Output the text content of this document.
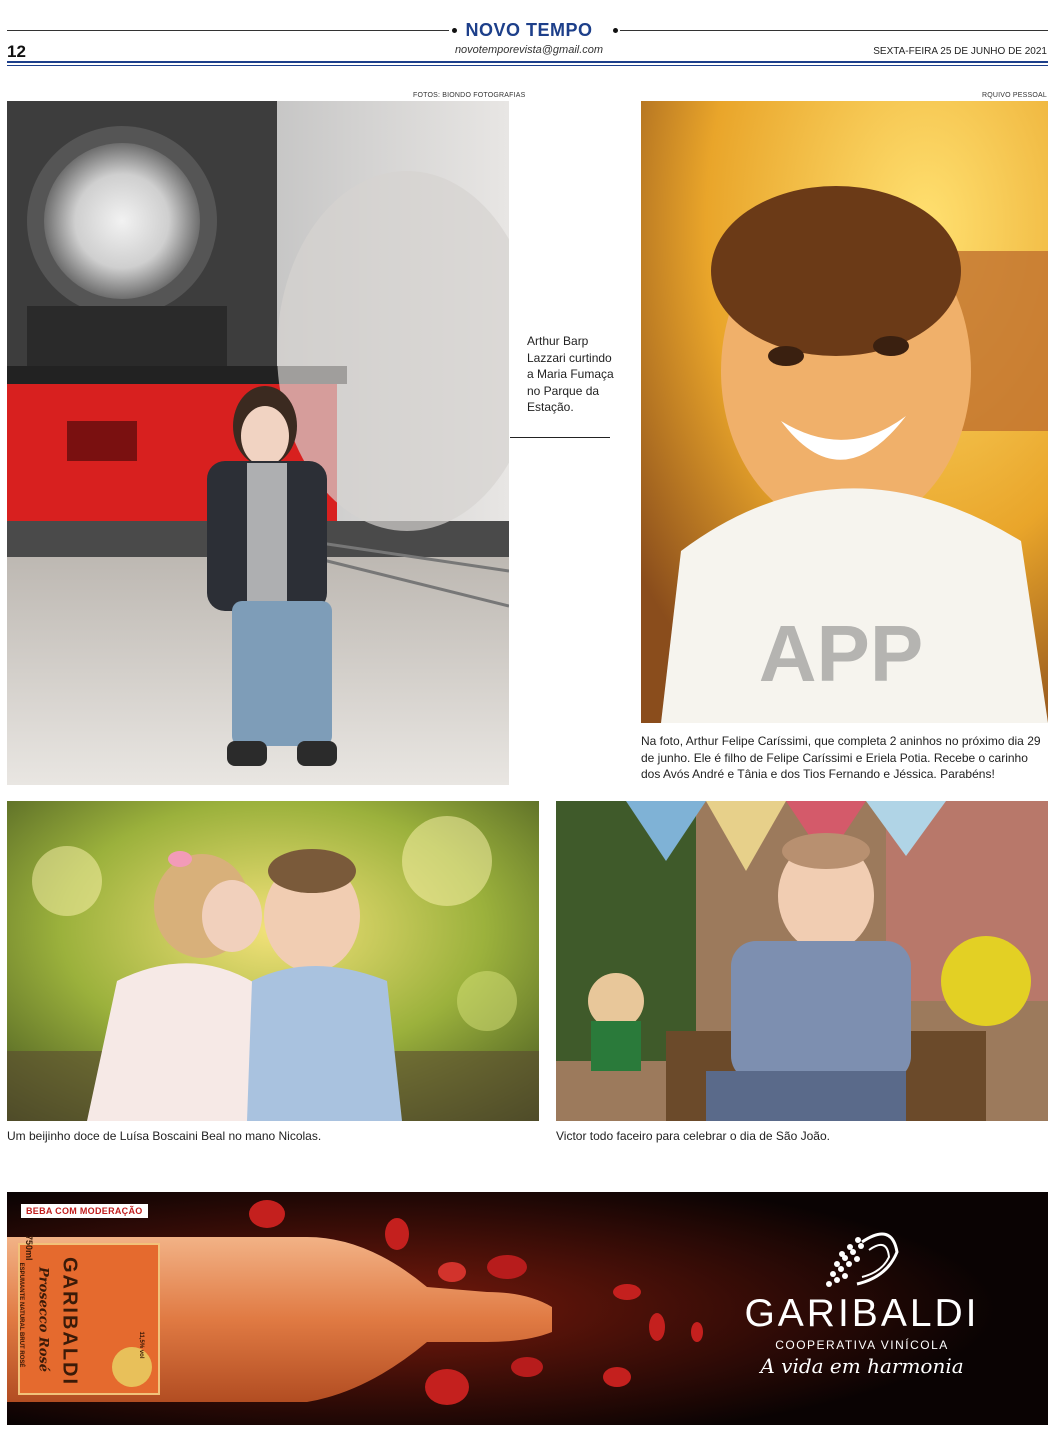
NOVO TEMPO
novotemporevista@gmail.com
12	SEXTA-FEIRA 25 DE JUNHO DE 2021
FOTOS: BIONDO FOTOGRAFIAS	RQUIVO PESSOAL
Arthur Barp Lazzari curtindo a Maria Fumaça no Parque da Estação.
APP
Na foto, Arthur Felipe Caríssimi, que completa 2 aninhos no próximo dia 29 de junho. Ele é filho de Felipe Caríssimi e Eriela Potia. Recebe o carinho dos Avós André e Tânia e dos Tios Fernando e Jéssica. Parabéns!
Um beijinho doce de Luísa Boscaini Beal no mano Nicolas.	Victor todo faceiro para celebrar o dia de São João.
BEBA COM MODERAÇÃO
GARIBALDI
Prosecco Rosé
750ml
ESPUMANTE NATURAL BRUT ROSÉ	11,5% vol
GARIBALDI
COOPERATIVA VINÍCOLA
A vida em harmonia
